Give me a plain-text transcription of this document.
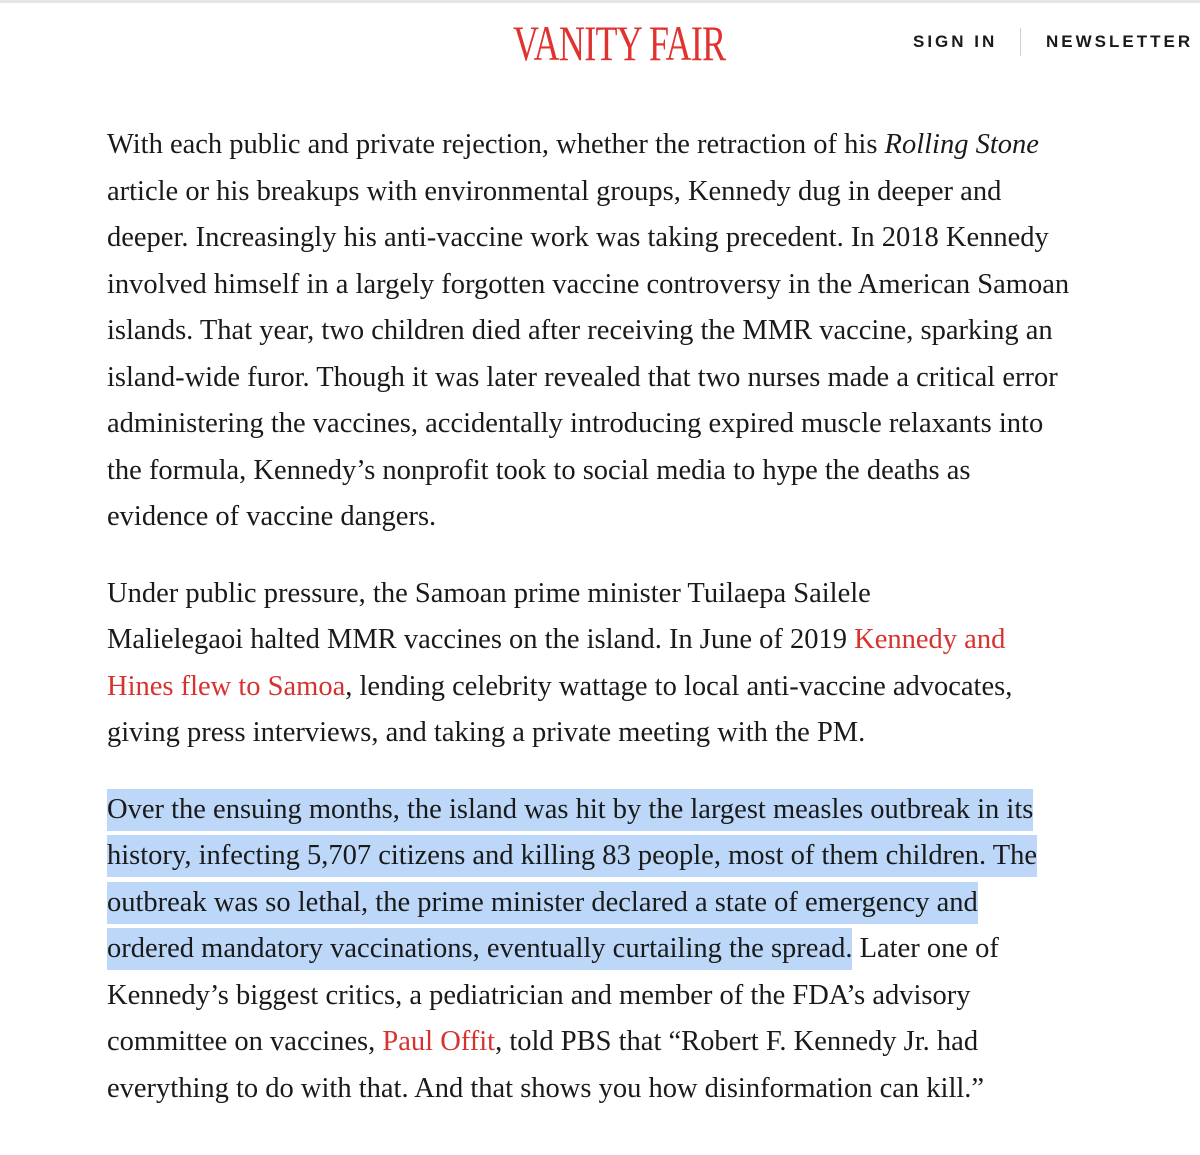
VANITY FAIR	SIGN IN	NEWSLETTER

With each public and private rejection, whether the retraction of his Rolling Stone
article or his breakups with environmental groups, Kennedy dug in deeper and
deeper. Increasingly his anti-vaccine work was taking precedent. In 2018 Kennedy
involved himself in a largely forgotten vaccine controversy in the American Samoan
islands. That year, two children died after receiving the MMR vaccine, sparking an
island-wide furor. Though it was later revealed that two nurses made a critical error
administering the vaccines, accidentally introducing expired muscle relaxants into
the formula, Kennedy’s nonprofit took to social media to hype the deaths as
evidence of vaccine dangers.

Under public pressure, the Samoan prime minister Tuilaepa Sailele
Malielegaoi halted MMR vaccines on the island. In June of 2019 Kennedy and
Hines flew to Samoa, lending celebrity wattage to local anti-vaccine advocates,
giving press interviews, and taking a private meeting with the PM.

Over the ensuing months, the island was hit by the largest measles outbreak in its
history, infecting 5,707 citizens and killing 83 people, most of them children. The
outbreak was so lethal, the prime minister declared a state of emergency and
ordered mandatory vaccinations, eventually curtailing the spread. Later one of
Kennedy’s biggest critics, a pediatrician and member of the FDA’s advisory
committee on vaccines, Paul Offit, told PBS that “Robert F. Kennedy Jr. had
everything to do with that. And that shows you how disinformation can kill.”
